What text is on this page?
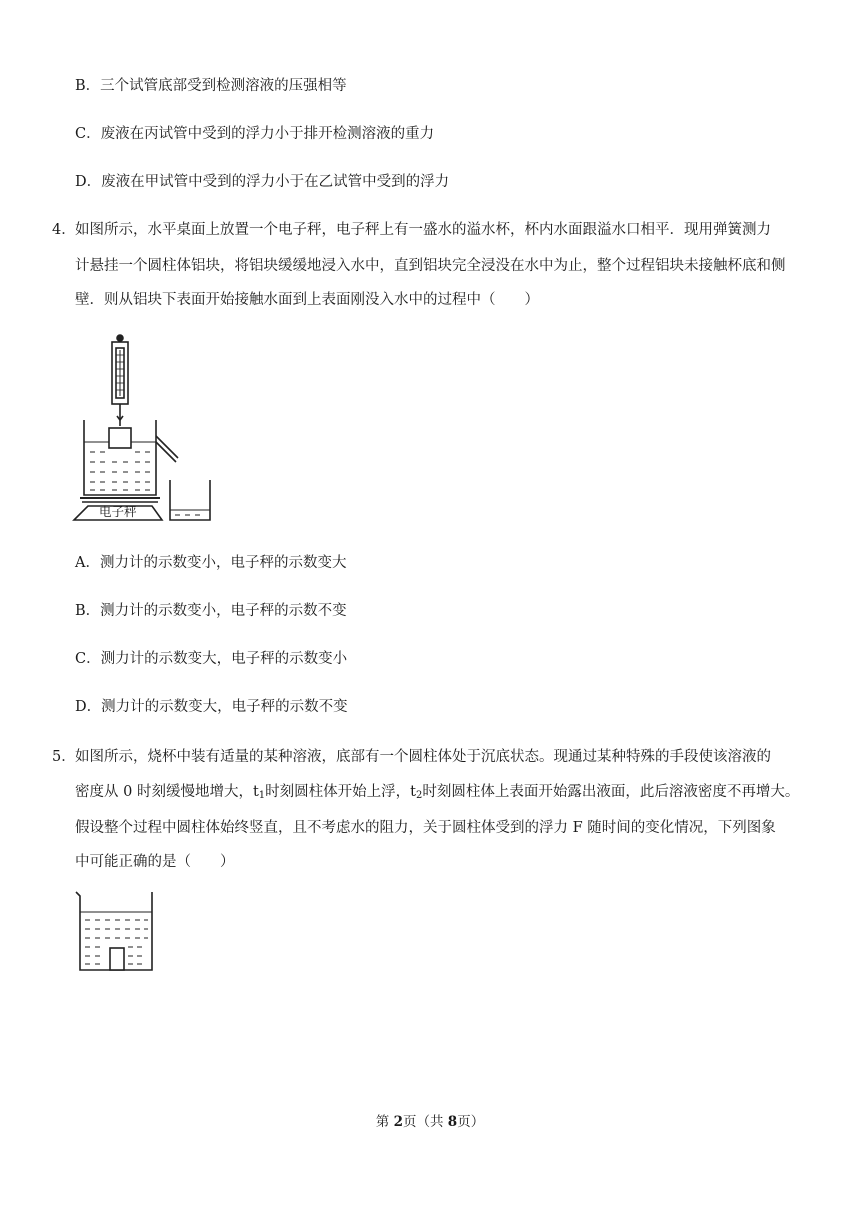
B．三个试管底部受到检测溶液的压强相等
C．废液在丙试管中受到的浮力小于排开检测溶液的重力
D．废液在甲试管中受到的浮力小于在乙试管中受到的浮力
4． 如图所示，水平桌面上放置一个电子秤，电子秤上有一盛水的溢水杯，杯内水面跟溢水口相平．现用弹簧测力
计悬挂一个圆柱体铝块，将铝块缓缓地浸入水中，直到铝块完全浸没在水中为止，整个过程铝块未接触杯底和侧
壁．则从铝块下表面开始接触水面到上表面刚没入水中的过程中（　　）
电子秤
A．测力计的示数变小，电子秤的示数变大
B．测力计的示数变小，电子秤的示数不变
C．测力计的示数变大，电子秤的示数变小
D．测力计的示数变大，电子秤的示数不变
5． 如图所示，烧杯中装有适量的某种溶液，底部有一个圆柱体处于沉底状态。现通过某种特殊的手段使该溶液的
密度从 0 时刻缓慢地增大，$t_1$时刻圆柱体开始上浮，$t_2$时刻圆柱体上表面开始露出液面，此后溶液密度不再增大。
假设整个过程中圆柱体始终竖直，且不考虑水的阻力，关于圆柱体受到的浮力 F 随时间的变化情况，下列图象
中可能正确的是（　　）
第 2页（共 8页）
